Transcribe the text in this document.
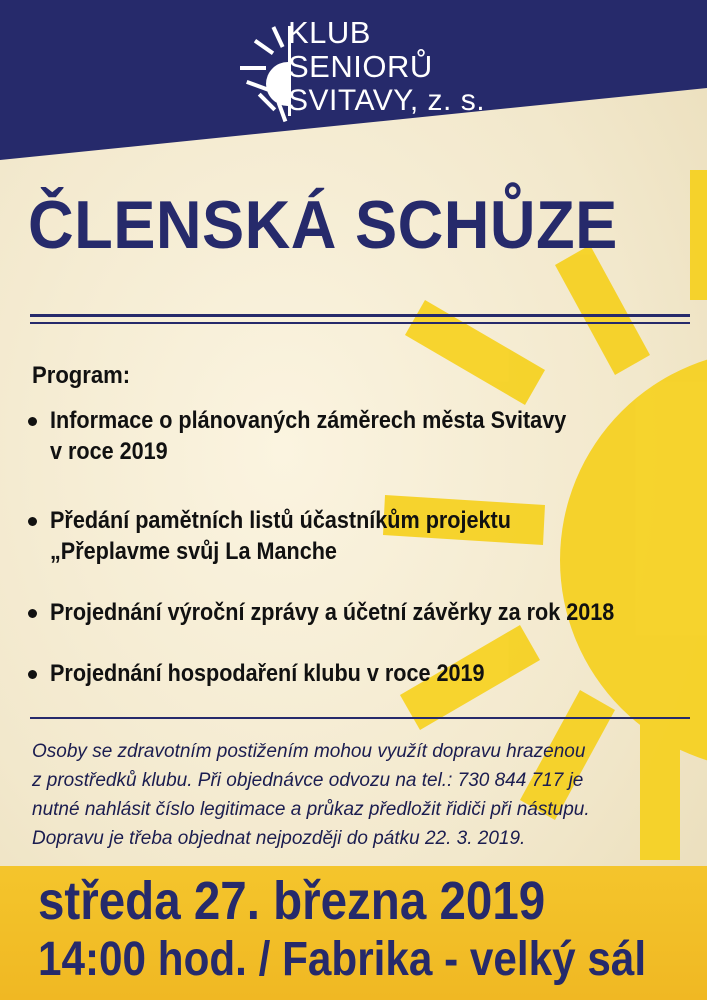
KLUB
SENIORŮ
SVITAVY, z. s.
ČLENSKÁ SCHŮZE
Program:
Informace o plánovaných záměrech města Svitavy
v roce 2019
Předání pamětních listů účastníkům projektu
„Přeplavme svůj La Manche
Projednání výroční zprávy a účetní závěrky za rok 2018
Projednání hospodaření klubu v roce 2019
Osoby se zdravotním postižením mohou využít dopravu hrazenou
z prostředků klubu. Při objednávce odvozu na tel.: 730 844 717 je
nutné nahlásit číslo legitimace a průkaz předložit řidiči při nástupu.
Dopravu je třeba objednat nejpozději do pátku 22. 3. 2019.
středa 27. března 2019
14:00 hod. / Fabrika - velký sál
